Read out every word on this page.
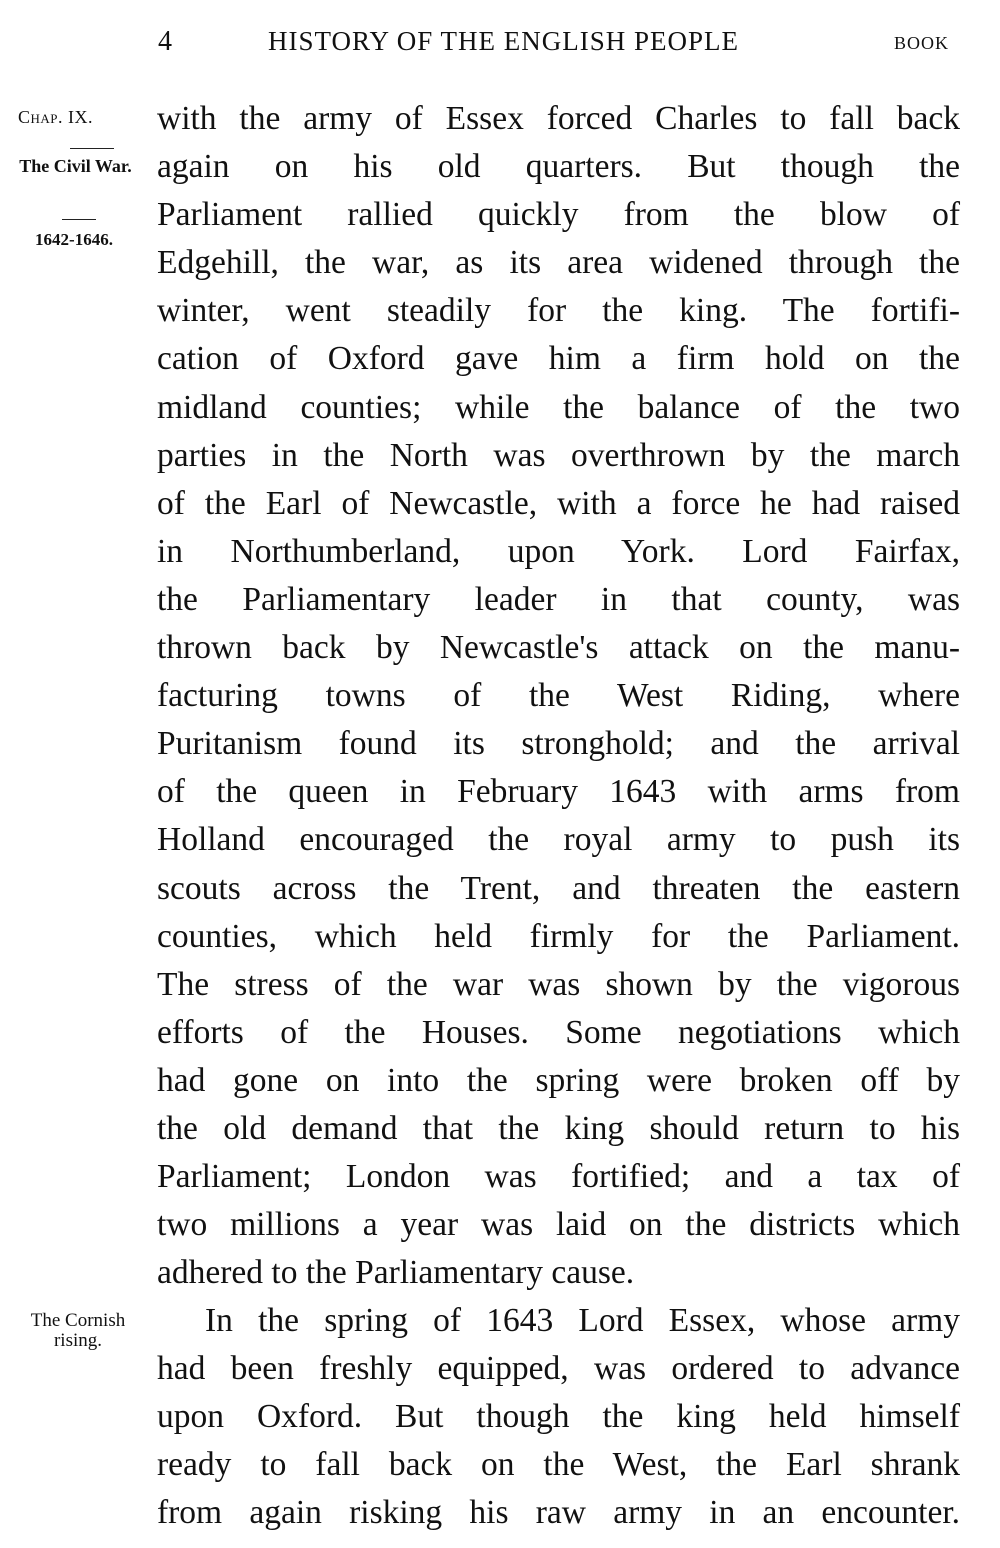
4	HISTORY OF THE ENGLISH PEOPLE	BOOK
Chap. IX.
The Civil War.
1642-1646.
The Cornish rising.
with the army of Essex forced Charles to fall back
again on his old quarters. But though the
Parliament rallied quickly from the blow of
Edgehill, the war, as its area widened through the
winter, went steadily for the king. The fortifi-
cation of Oxford gave him a firm hold on the
midland counties; while the balance of the two
parties in the North was overthrown by the march
of the Earl of Newcastle, with a force he had raised
in Northumberland, upon York. Lord Fairfax,
the Parliamentary leader in that county, was
thrown back by Newcastle's attack on the manu-
facturing towns of the West Riding, where
Puritanism found its stronghold; and the arrival
of the queen in February 1643 with arms from
Holland encouraged the royal army to push its
scouts across the Trent, and threaten the eastern
counties, which held firmly for the Parliament.
The stress of the war was shown by the vigorous
efforts of the Houses. Some negotiations which
had gone on into the spring were broken off by
the old demand that the king should return to his
Parliament; London was fortified; and a tax of
two millions a year was laid on the districts which
adhered to the Parliamentary cause.
In the spring of 1643 Lord Essex, whose army
had been freshly equipped, was ordered to advance
upon Oxford. But though the king held himself
ready to fall back on the West, the Earl shrank
from again risking his raw army in an encounter.
